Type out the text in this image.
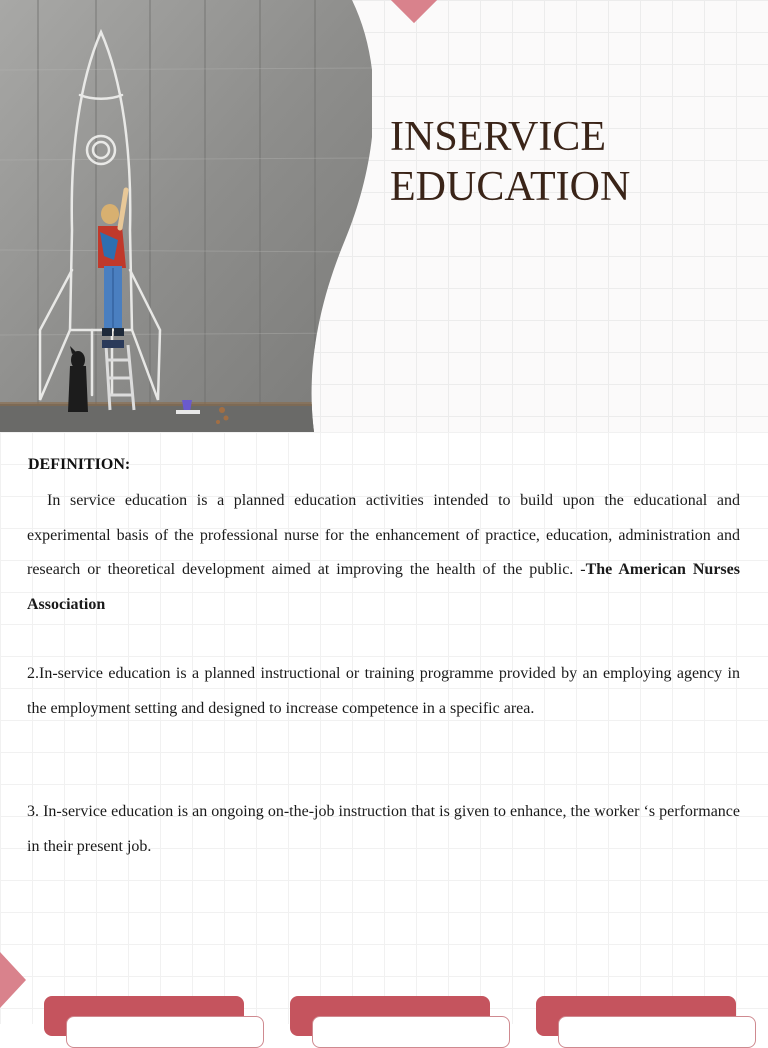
INSERVICE
EDUCATION
DEFINITION:
In service education is a planned education activities intended to build upon the educational and experimental basis of the professional nurse for the enhancement of practice, education, administration and research or theoretical development aimed at improving the health of the public. -The American Nurses Association
2.In-service education is a planned instructional or training programme provided by an employing agency in the employment setting and designed to increase competence in a specific area.
3. In-service education is an ongoing on-the-job instruction that is given to enhance, the worker ‘s performance in their present job.
